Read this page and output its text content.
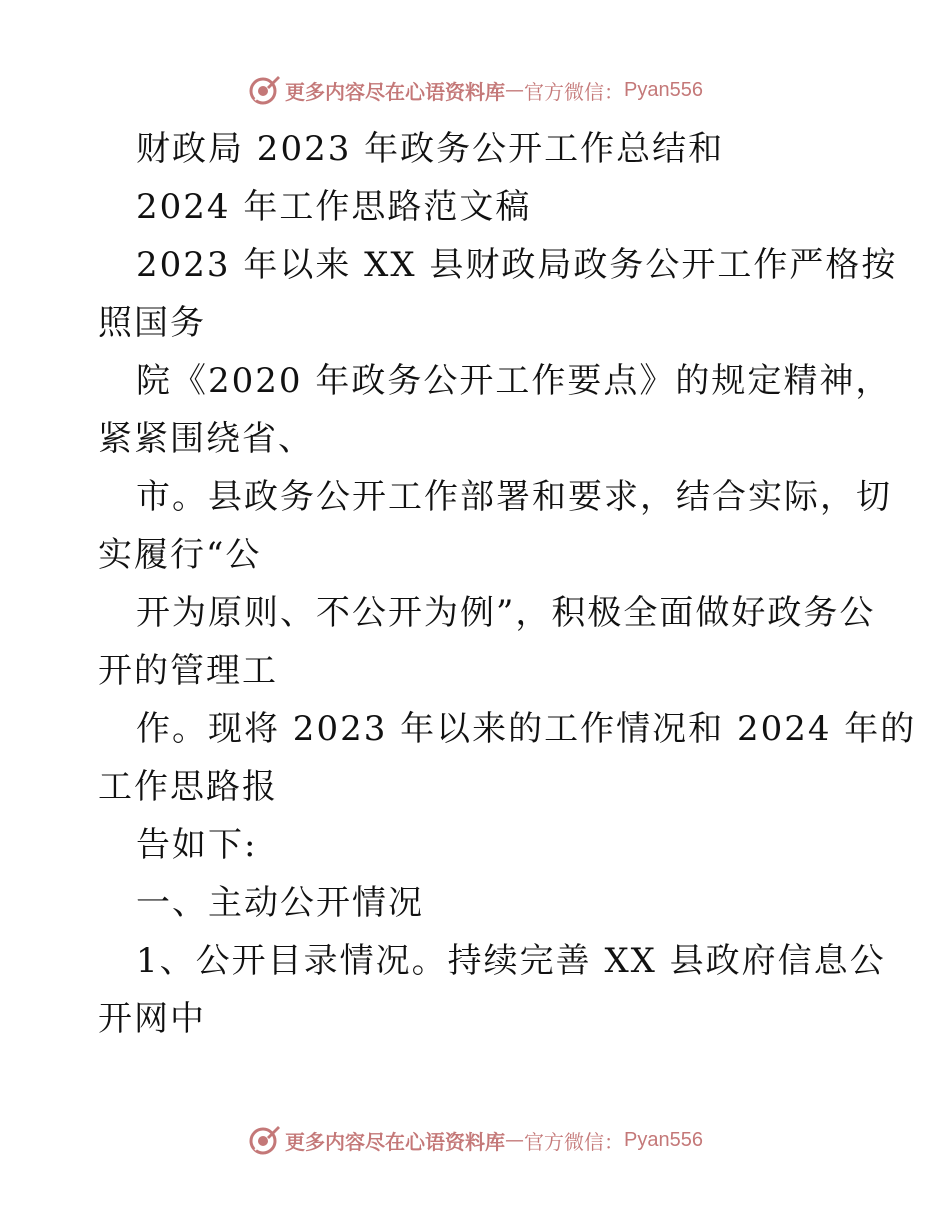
更多内容尽在心语资料库 — 官方微信： Pyan556
财政局 2023 年政务公开工作总结和
2024 年工作思路范文稿
2023 年以来 XX 县财政局政务公开工作严格按
照国务
院《2020 年政务公开工作要点》的规定精神，
紧紧围绕省、
市。县政务公开工作部署和要求，结合实际，切
实履行“公
开为原则、不公开为例”，积极全面做好政务公
开的管理工
作。现将 2023 年以来的工作情况和 2024 年的
工作思路报
告如下:
一、主动公开情况
1、公开目录情况。持续完善 XX 县政府信息公
开网中
更多内容尽在心语资料库 — 官方微信： Pyan556
